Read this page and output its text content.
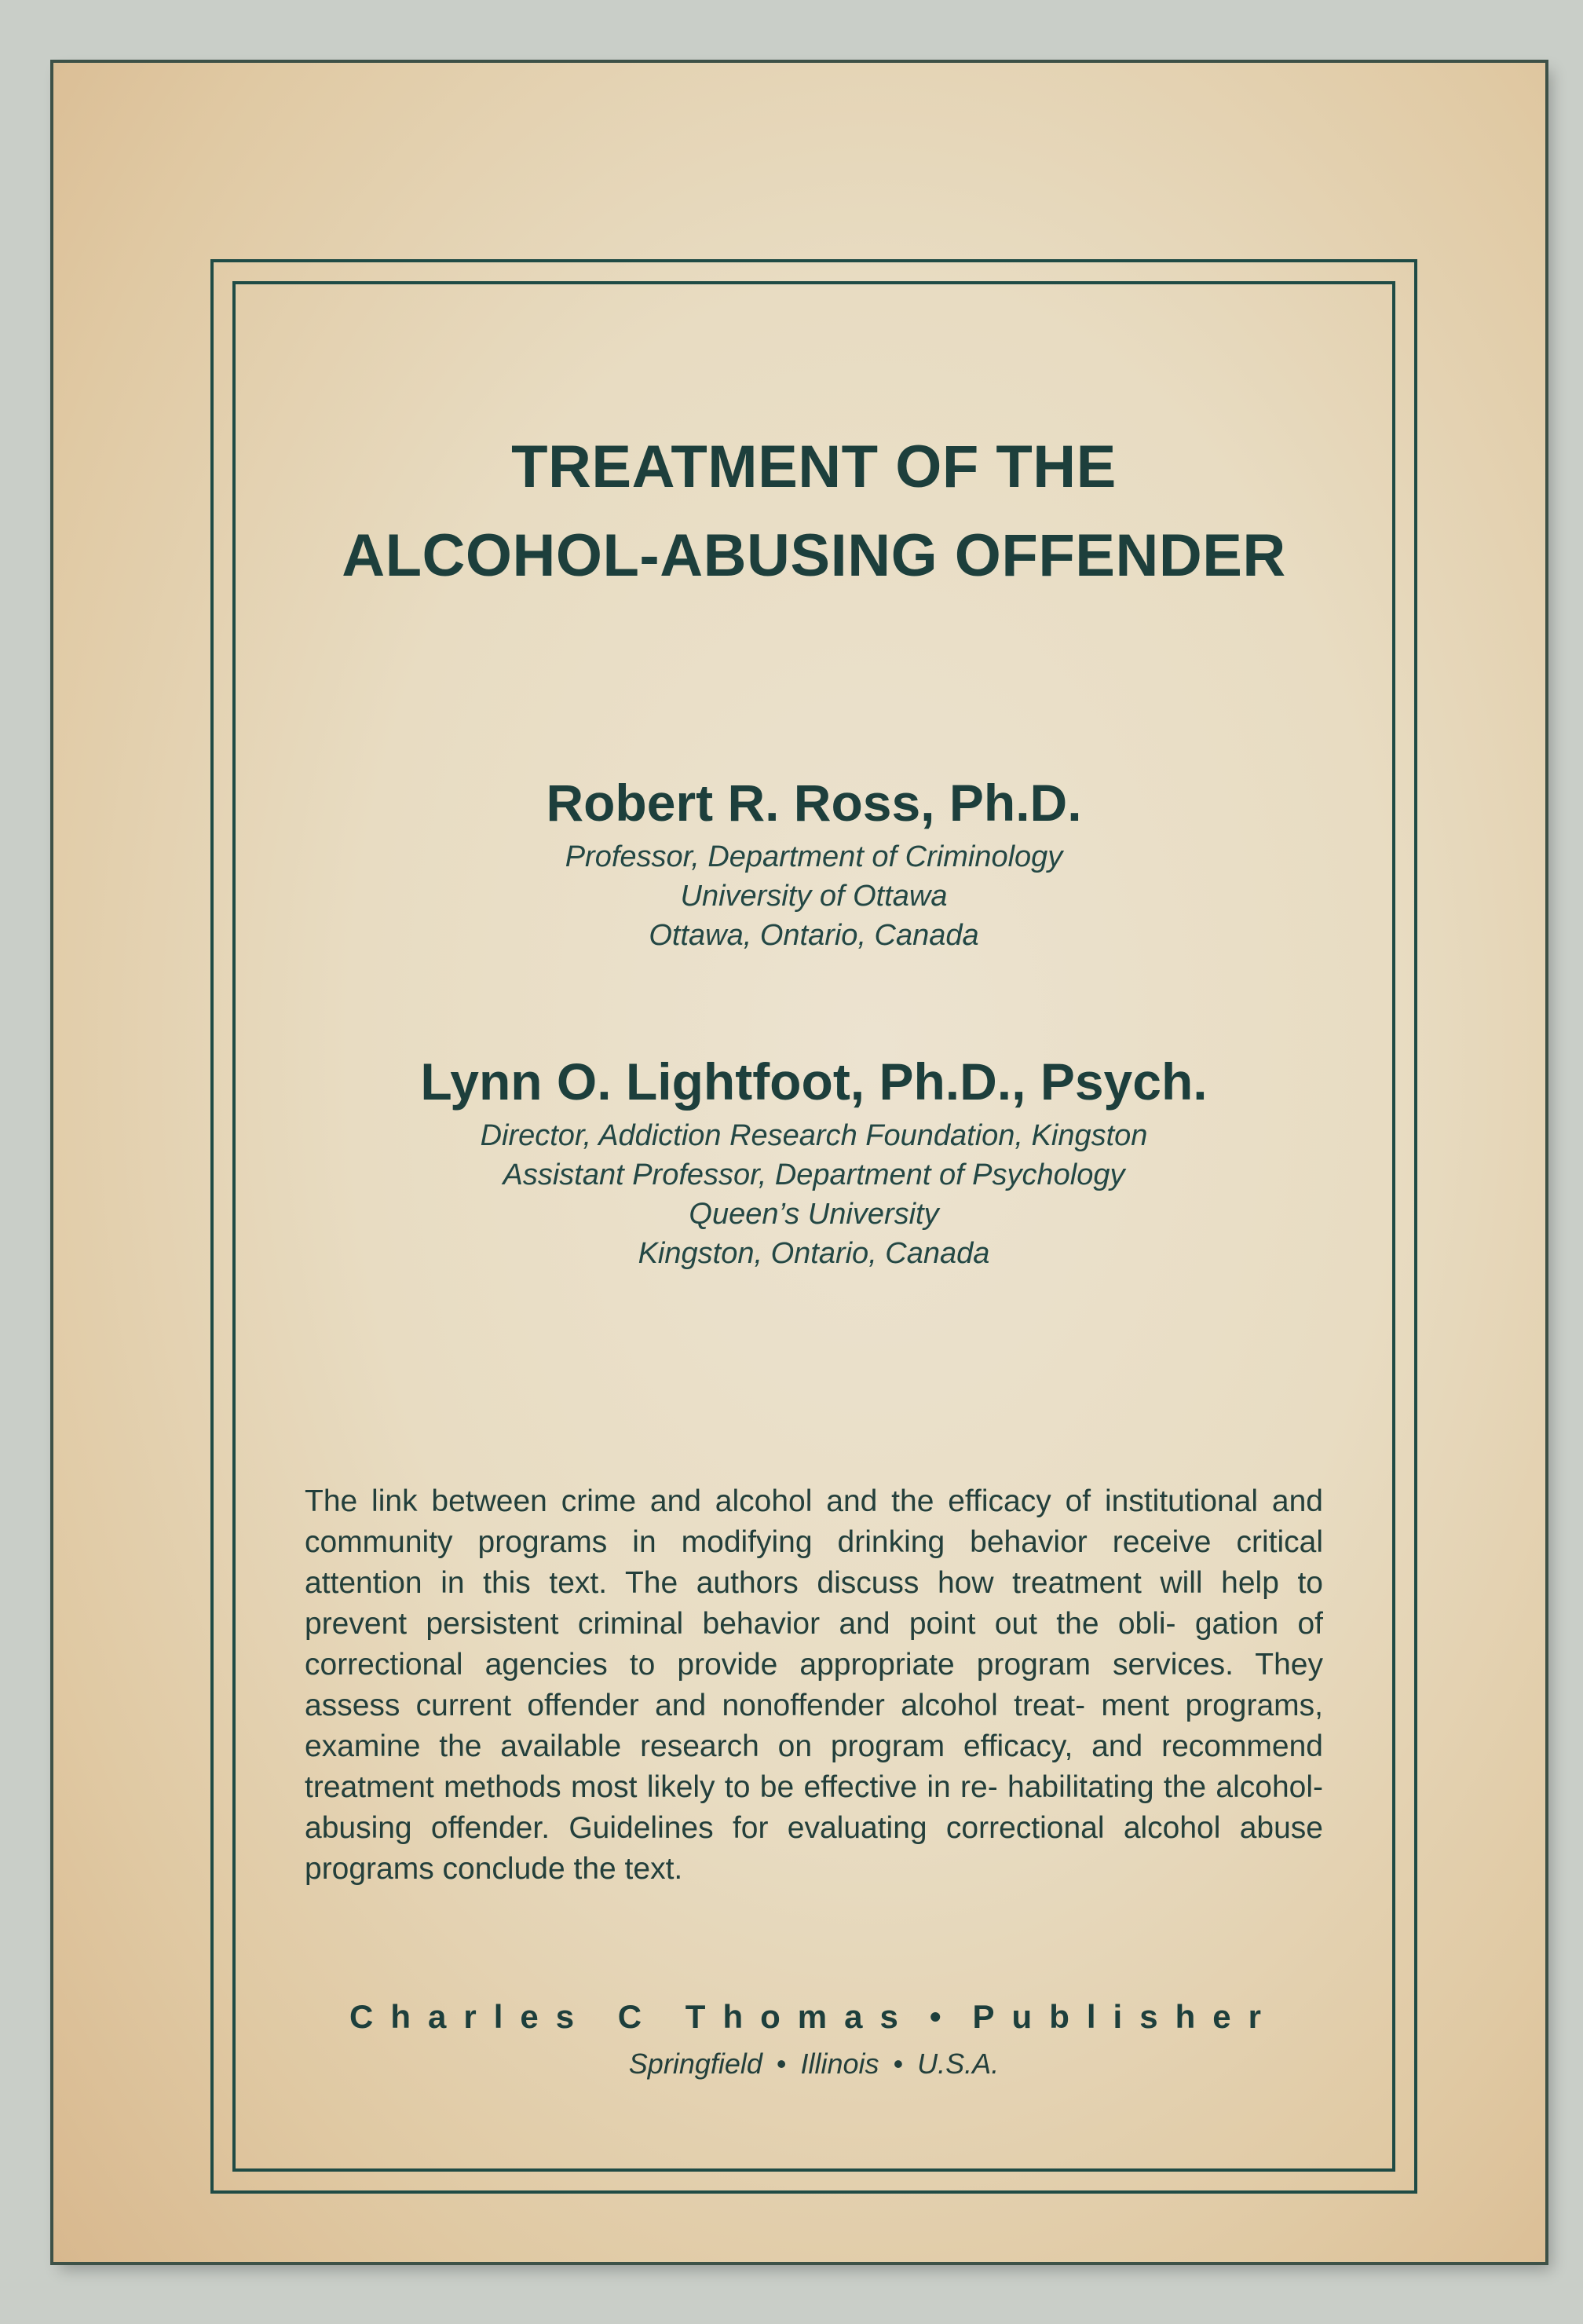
TREATMENT OF THE
ALCOHOL-ABUSING OFFENDER
Robert R. Ross, Ph.D.
Professor, Department of Criminology
University of Ottawa
Ottawa, Ontario, Canada
Lynn O. Lightfoot, Ph.D., Psych.
Director, Addiction Research Foundation, Kingston
Assistant Professor, Department of Psychology
Queen’s University
Kingston, Ontario, Canada

The link between crime and alcohol and the efficacy of institutional and community programs in modifying drinking behavior receive critical attention in this text. The authors discuss how treatment will help to prevent persistent criminal behavior and point out the obli- gation of correctional agencies to provide appropriate program services. They assess current offender and nonoffender alcohol treat- ment programs, examine the available research on program efficacy, and recommend treatment methods most likely to be effective in re- habilitating the alcohol-abusing offender. Guidelines for evaluating correctional alcohol abuse programs conclude the text.

Charles C Thomas • Publisher
Springfield • Illinois • U.S.A.
